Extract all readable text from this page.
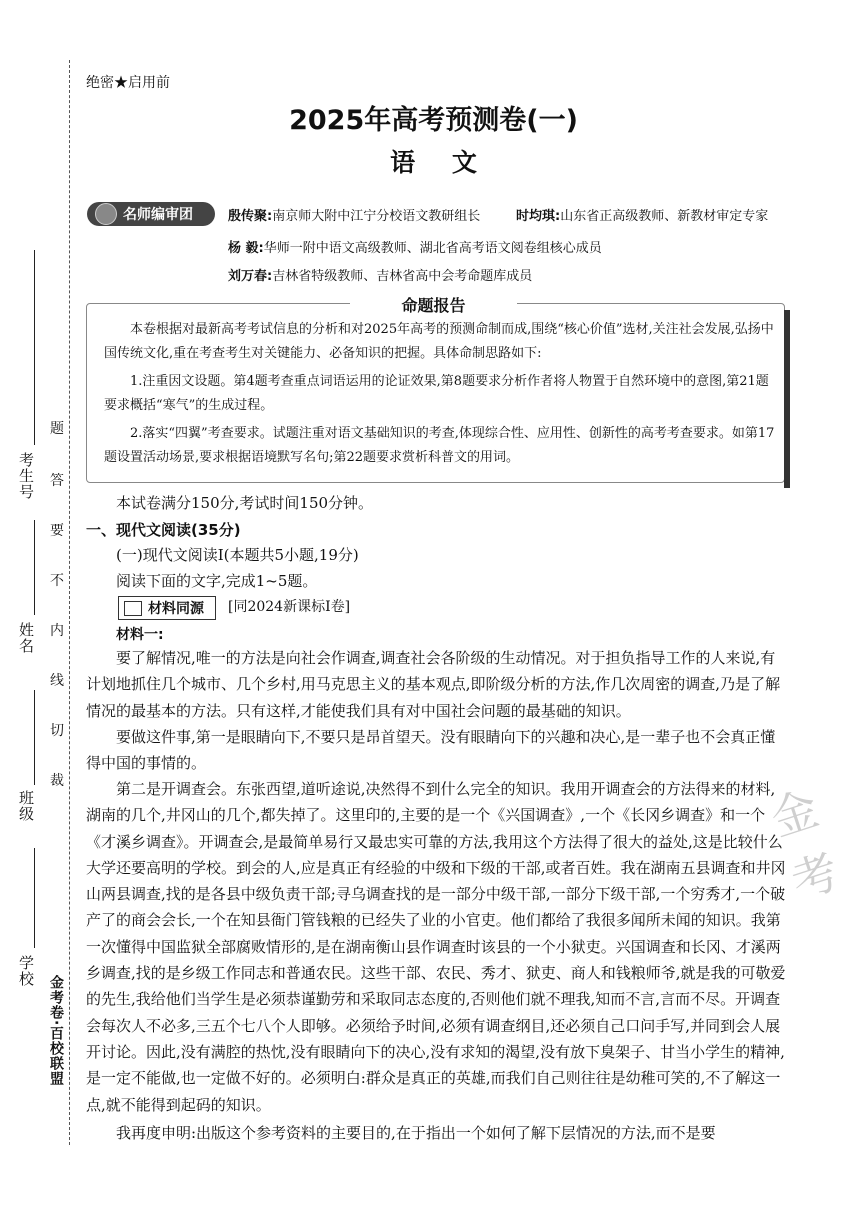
考生号
姓名
班级
学校
题
答
要
不
内
线
切
裁
金考卷·百校联盟
绝密★启用前
2025年高考预测卷(一)
语 文
名师编审团	殷传聚:南京师大附中江宁分校语文教研组长	时均琪:山东省正高级教师、新教材审定专家
杨 毅:华师一附中语文高级教师、湖北省高考语文阅卷组核心成员
刘万春:吉林省特级教师、吉林省高中会考命题库成员
命题报告
本卷根据对最新高考考试信息的分析和对2025年高考的预测命制而成,围绕“核心价值”选材,关注社会发展,弘扬中国传统文化,重在考查考生对关键能力、必备知识的把握。具体命制思路如下:
1.注重因文设题。第4题考查重点词语运用的论证效果,第8题要求分析作者将人物置于自然环境中的意图,第21题要求概括“寒气”的生成过程。
2.落实“四翼”考查要求。试题注重对语文基础知识的考查,体现综合性、应用性、创新性的高考考查要求。如第17题设置活动场景,要求根据语境默写名句;第22题要求赏析科普文的用词。
本试卷满分150分,考试时间150分钟。
一、现代文阅读(35分)
(一)现代文阅读Ⅰ(本题共5小题,19分)
阅读下面的文字,完成1~5题。
材料同源 [同2024新课标Ⅰ卷]
材料一:
要了解情况,唯一的方法是向社会作调查,调查社会各阶级的生动情况。对于担负指导工作的人来说,有计划地抓住几个城市、几个乡村,用马克思主义的基本观点,即阶级分析的方法,作几次周密的调查,乃是了解情况的最基本的方法。只有这样,才能使我们具有对中国社会问题的最基础的知识。
要做这件事,第一是眼睛向下,不要只是昂首望天。没有眼睛向下的兴趣和决心,是一辈子也不会真正懂得中国的事情的。
第二是开调查会。东张西望,道听途说,决然得不到什么完全的知识。我用开调查会的方法得来的材料,湖南的几个,井冈山的几个,都失掉了。这里印的,主要的是一个《兴国调查》,一个《长冈乡调查》和一个《才溪乡调查》。开调查会,是最简单易行又最忠实可靠的方法,我用这个方法得了很大的益处,这是比较什么大学还要高明的学校。到会的人,应是真正有经验的中级和下级的干部,或者百姓。我在湖南五县调查和井冈山两县调查,找的是各县中级负责干部;寻乌调查找的是一部分中级干部,一部分下级干部,一个穷秀才,一个破产了的商会会长,一个在知县衙门管钱粮的已经失了业的小官吏。他们都给了我很多闻所未闻的知识。我第一次懂得中国监狱全部腐败情形的,是在湖南衡山县作调查时该县的一个小狱吏。兴国调查和长冈、才溪两乡调查,找的是乡级工作同志和普通农民。这些干部、农民、秀才、狱吏、商人和钱粮师爷,就是我的可敬爱的先生,我给他们当学生是必须恭谨勤劳和采取同志态度的,否则他们就不理我,知而不言,言而不尽。开调查会每次人不必多,三五个七八个人即够。必须给予时间,必须有调查纲目,还必须自己口问手写,并同到会人展开讨论。因此,没有满腔的热忱,没有眼睛向下的决心,没有求知的渴望,没有放下臭架子、甘当小学生的精神,是一定不能做,也一定做不好的。必须明白:群众是真正的英雄,而我们自己则往往是幼稚可笑的,不了解这一点,就不能得到起码的知识。
我再度申明:出版这个参考资料的主要目的,在于指出一个如何了解下层情况的方法,而不是要
金考
